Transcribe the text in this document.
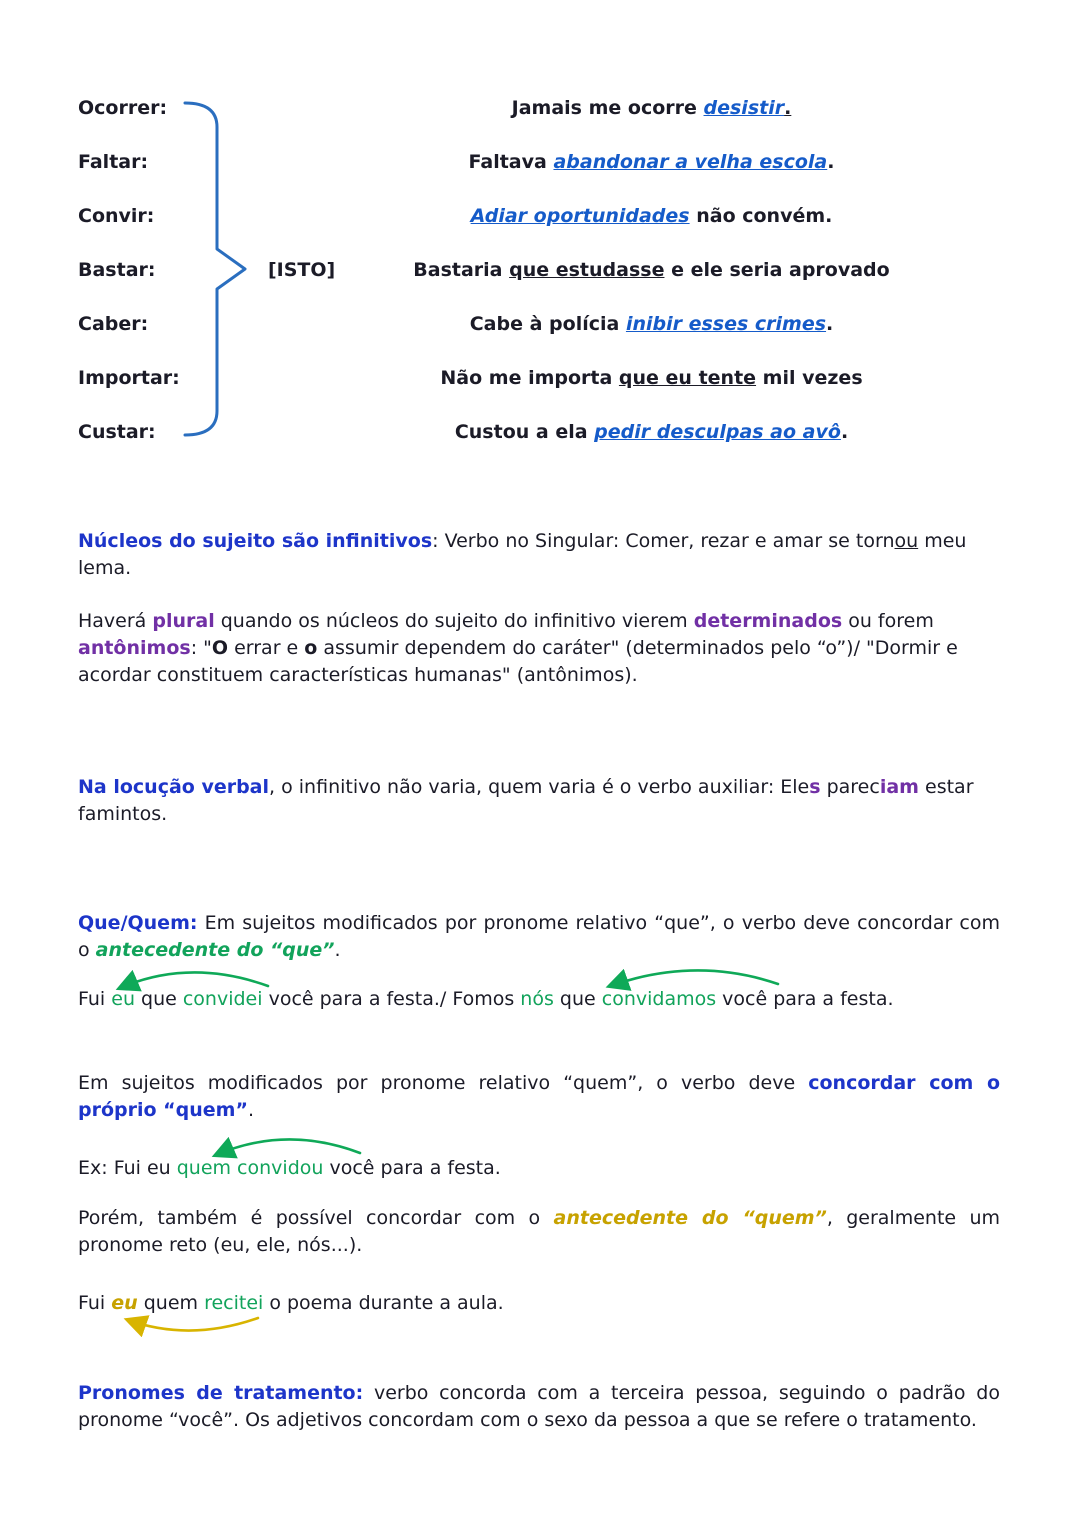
[ISTO]
Ocorrer:	Jamais me ocorre desistir.
Faltar:	Faltava abandonar a velha escola.
Convir:	Adiar oportunidades não convém.
Bastar:	Bastaria que estudasse e ele seria aprovado
Caber:	Cabe à polícia inibir esses crimes.
Importar:	Não me importa que eu tente mil vezes
Custar:	Custou a ela pedir desculpas ao avô.

Núcleos do sujeito são infinitivos: Verbo no Singular: Comer, rezar e amar se tornou meu lema.

Haverá plural quando os núcleos do sujeito do infinitivo vierem determinados ou forem antônimos: "O errar e o assumir dependem do caráter" (determinados pelo “o”)/ "Dormir e acordar constituem características humanas" (antônimos).

Na locução verbal, o infinitivo não varia, quem varia é o verbo auxiliar: Eles pareciam estar famintos.

Que/Quem: Em sujeitos modificados por pronome relativo “que”, o verbo deve concordar com o antecedente do “que”.

Fui eu que convidei você para a festa./ Fomos nós que convidamos você para a festa.

Em sujeitos modificados por pronome relativo “quem”, o verbo deve concordar com o próprio “quem”.

Ex: Fui eu quem convidou você para a festa.

Porém, também é possível concordar com o antecedente do “quem”, geralmente um pronome reto (eu, ele, nós...).

Fui eu quem recitei o poema durante a aula.

Pronomes de tratamento: verbo concorda com a terceira pessoa, seguindo o padrão do pronome “você”. Os adjetivos concordam com o sexo da pessoa a que se refere o tratamento.
